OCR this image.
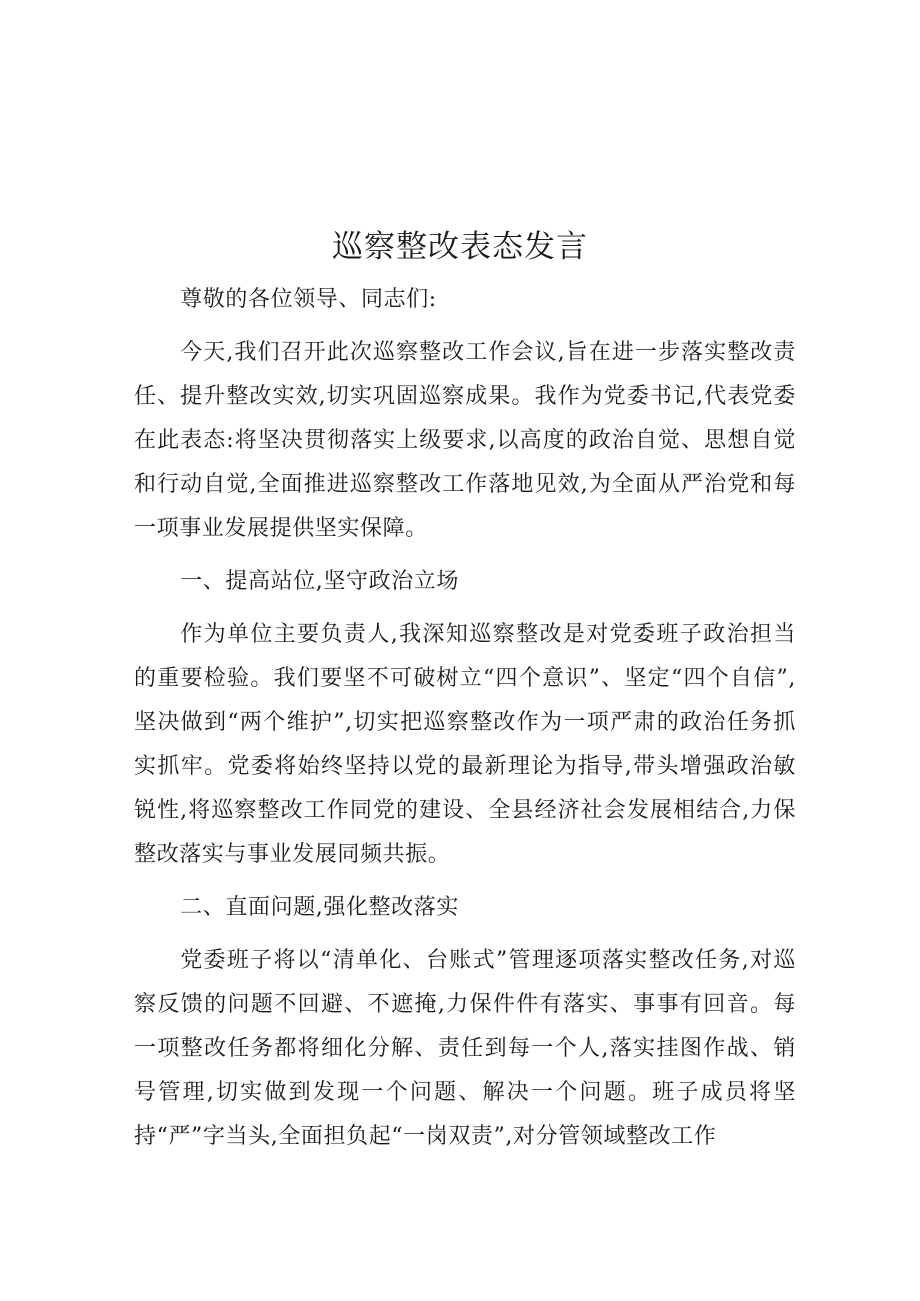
巡察整改表态发言

尊敬的各位领导、同志们:

今天,我们召开此次巡察整改工作会议,旨在进一步落实整改责任、提升整改实效,切实巩固巡察成果。我作为党委书记,代表党委在此表态:将坚决贯彻落实上级要求,以高度的政治自觉、思想自觉和行动自觉,全面推进巡察整改工作落地见效,为全面从严治党和每一项事业发展提供坚实保障。

一、提高站位,坚守政治立场

作为单位主要负责人,我深知巡察整改是对党委班子政治担当的重要检验。我们要坚不可破树立“四个意识”、坚定“四个自信”,坚决做到“两个维护”,切实把巡察整改作为一项严肃的政治任务抓实抓牢。党委将始终坚持以党的最新理论为指导,带头增强政治敏锐性,将巡察整改工作同党的建设、全县经济社会发展相结合,力保整改落实与事业发展同频共振。

二、直面问题,强化整改落实

党委班子将以“清单化、台账式”管理逐项落实整改任务,对巡察反馈的问题不回避、不遮掩,力保件件有落实、事事有回音。每一项整改任务都将细化分解、责任到每一个人,落实挂图作战、销号管理,切实做到发现一个问题、解决一个问题。班子成员将坚持“严”字当头,全面担负起“一岗双责”,对分管领域整改工作
